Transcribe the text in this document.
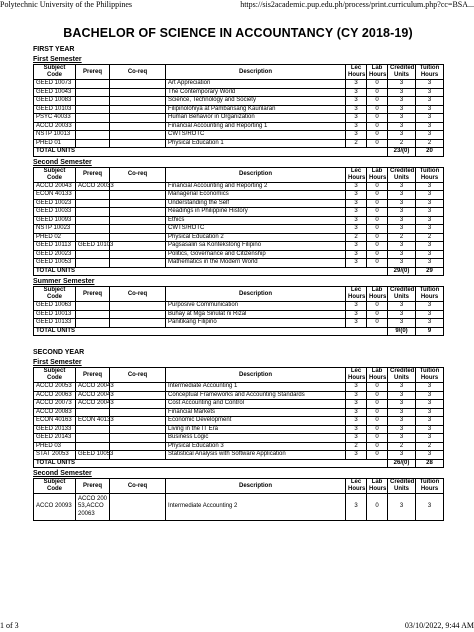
Polytechnic University of the Philippines	https://sis2academic.pup.edu.ph/process/print.curriculum.php?cc=BSA...
BACHELOR OF SCIENCE IN ACCOUNTANCY (CY 2018-19)
FIRST YEAR
First Semester
Subject Code	Prereq	Co-req	Description	Lec Hours	Lab Hours	Credited Units	Tuition Hours
GEED 10073			Art Appreciation	3	0	3	3
GEED 10043			The Contemporary World	3	0	3	3
GEED 10083			Science, Technology and Society	3	0	3	3
GEED 10103			Filipinolohiya at Pambansang Kaunlaran	3	0	3	3
PSYC 40033			Human Behavior in Organization	3	0	3	3
ACCO 20033			Financial Accounting and Reporting 1	3	0	3	3
NSTP 10013			CWTS/ROTC	3	0	3	3
PHED 01			Physical Education 1	2	0	2	2
TOTAL UNITS						23/(0)	20
Second Semester
Subject Code	Prereq	Co-req	Description	Lec Hours	Lab Hours	Credited Units	Tuition Hours
ACCO 20043	ACCO 20033		Financial Accounting and Reporting 2	3	0	3	3
ECON 40133			Managerial Economics	3	0	3	3
GEED 10023			Understanding the Self	3	0	3	3
GEED 10033			Readings in Philippine History	3	0	3	3
GEED 10093			Ethics	3	0	3	3
NSTP 10023			CWTS/ROTC	3	0	3	3
PHED 02			Physical Education 2	2	0	2	2
GEED 10113	GEED 10103		Pagsasalin sa Kontekstong Filipino	3	0	3	3
GEED 20023			Politics, Governance and Citizenship	3	0	3	3
GEED 10053			Mathematics in the Modern World	3	0	3	3
TOTAL UNITS						29/(0)	29
Summer Semester
Subject Code	Prereq	Co-req	Description	Lec Hours	Lab Hours	Credited Units	Tuition Hours
GEED 10063			Purposive Communication	3	0	3	3
GEED 10013			Buhay at Mga Sinulat ni Rizal	3	0	3	3
GEED 10133			Panitikang Filipino	3	0	3	3
TOTAL UNITS						9/(0)	9
SECOND YEAR
First Semester
Subject Code	Prereq	Co-req	Description	Lec Hours	Lab Hours	Credited Units	Tuition Hours
ACCO 20053	ACCO 20043		Intermediate Accounting 1	3	0	3	3
ACCO 20063	ACCO 20043		Conceptual Frameworks and Accounting Standards	3	0	3	3
ACCO 20073	ACCO 20043		Cost Accounting and Control	3	0	3	3
ACCO 20083			Financial Markets	3	0	3	3
ECON 40163	ECON 40133		Economic Development	3	0	3	3
GEED 20133			Living in the IT Era	3	0	3	3
GEED 20143			Business Logic	3	0	3	3
PHED 03			Physical Education 3	2	0	2	2
STAT 20053	GEED 10053		Statistical Analysis with Software Application	3	0	3	3
TOTAL UNITS						26/(0)	28
Second Semester
Subject Code	Prereq	Co-req	Description	Lec Hours	Lab Hours	Credited Units	Tuition Hours
ACCO 20093	ACCO 20053,ACCO 20063		Intermediate Accounting 2	3	0	3	3
1 of 3	03/10/2022, 9:44 AM
